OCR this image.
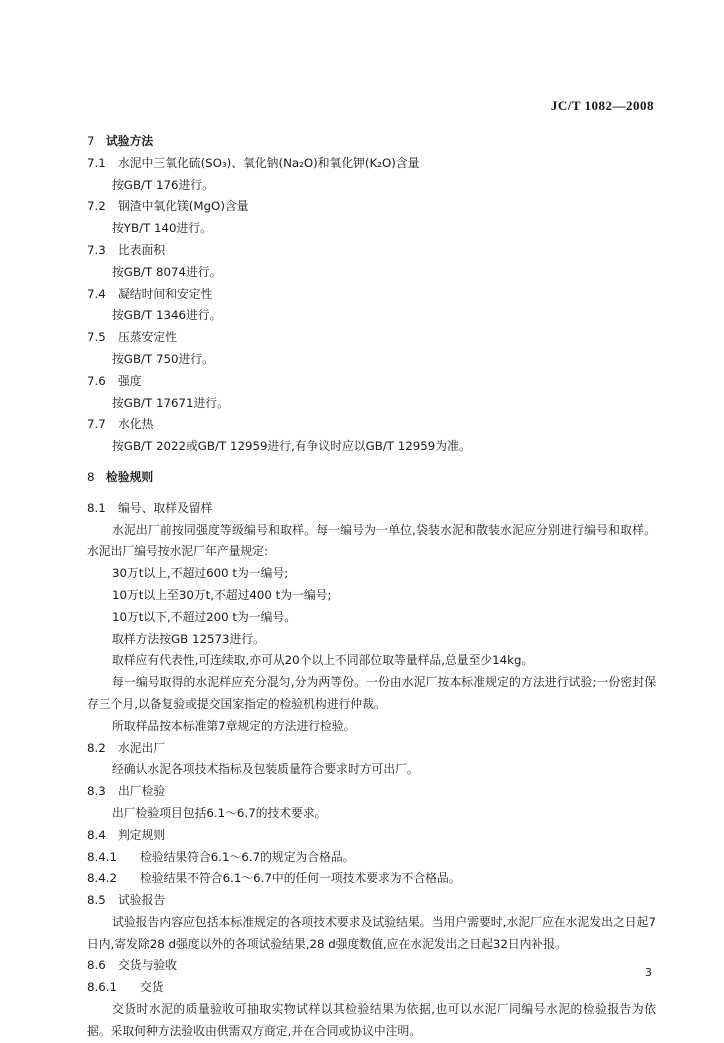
JC/T 1082—2008
7 试验方法
7.1 水泥中三氧化硫(SO₃)、氧化钠(Na₂O)和氧化钾(K₂O)含量
按GB/T 176进行。
7.2 钢渣中氧化镁(MgO)含量
按YB/T 140进行。
7.3 比表面积
按GB/T 8074进行。
7.4 凝结时间和安定性
按GB/T 1346进行。
7.5 压蒸安定性
按GB/T 750进行。
7.6 强度
按GB/T 17671进行。
7.7 水化热
按GB/T 2022或GB/T 12959进行,有争议时应以GB/T 12959为准。
8 检验规则
8.1 编号、取样及留样
水泥出厂前按同强度等级编号和取样。每一编号为一单位,袋装水泥和散装水泥应分别进行编号和取样。水泥出厂编号按水泥厂年产量规定:
30万t以上,不超过600 t为一编号;
10万t以上至30万t,不超过400 t为一编号;
10万t以下,不超过200 t为一编号。
取样方法按GB 12573进行。
取样应有代表性,可连续取,亦可从20个以上不同部位取等量样品,总量至少14kg。
每一编号取得的水泥样应充分混匀,分为两等份。一份由水泥厂按本标准规定的方法进行试验;一份密封保存三个月,以备复验或提交国家指定的检验机构进行仲裁。
所取样品按本标准第7章规定的方法进行检验。
8.2 水泥出厂
经确认水泥各项技术指标及包装质量符合要求时方可出厂。
8.3 出厂检验
出厂检验项目包括6.1～6.7的技术要求。
8.4 判定规则
8.4.1 检验结果符合6.1～6.7的规定为合格品。
8.4.2 检验结果不符合6.1～6.7中的任何一项技术要求为不合格品。
8.5 试验报告
试验报告内容应包括本标准规定的各项技术要求及试验结果。当用户需要时,水泥厂应在水泥发出之日起7日内,寄发除28 d强度以外的各项试验结果,28 d强度数值,应在水泥发出之日起32日内补报。
8.6 交货与验收
8.6.1 交货
交货时水泥的质量验收可抽取实物试样以其检验结果为依据,也可以水泥厂同编号水泥的检验报告为依据。采取何种方法验收由供需双方商定,并在合同或协议中注明。
3
